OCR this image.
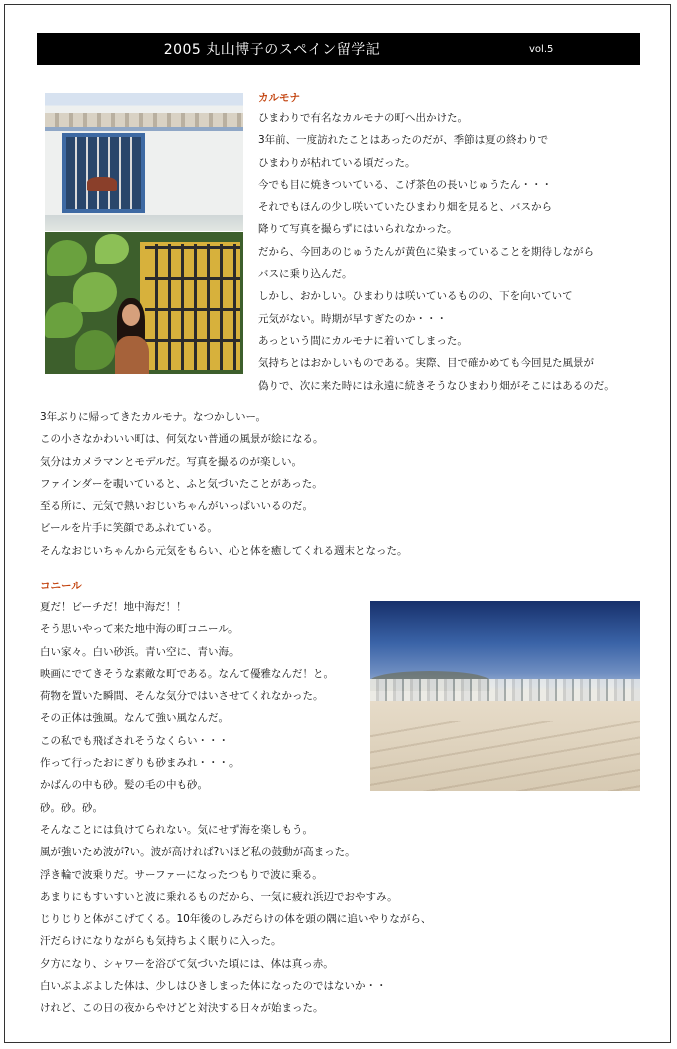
2005 丸山博子のスペイン留学記	vol.5
カルモナ
ひまわりで有名なカルモナの町へ出かけた。
3年前、一度訪れたことはあったのだが、季節は夏の終わりで
ひまわりが枯れている頃だった。
今でも目に焼きついている、こげ茶色の長いじゅうたん・・・
それでもほんの少し咲いていたひまわり畑を見ると、バスから
降りて写真を撮らずにはいられなかった。
だから、今回あのじゅうたんが黄色に染まっていることを期待しながら
バスに乗り込んだ。
しかし、おかしい。ひまわりは咲いているものの、下を向いていて
元気がない。時期が早すぎたのか・・・
あっという間にカルモナに着いてしまった。
気持ちとはおかしいものである。実際、目で確かめても今回見た風景が
偽りで、次に来た時には永遠に続きそうなひまわり畑がそこにはあるのだ。
3年ぶりに帰ってきたカルモナ。なつかしいー。
この小さなかわいい町は、何気ない普通の風景が絵になる。
気分はカメラマンとモデルだ。写真を撮るのが楽しい。
ファインダーを覗いていると、ふと気づいたことがあった。
至る所に、元気で熱いおじいちゃんがいっぱいいるのだ。
ビールを片手に笑顔であふれている。
そんなおじいちゃんから元気をもらい、心と体を癒してくれる週末となった。
コニール
夏だ！ビーチだ！地中海だ！！
そう思いやって来た地中海の町コニール。
白い家々。白い砂浜。青い空に、青い海。
映画にでてきそうな素敵な町である。なんて優雅なんだ！と。
荷物を置いた瞬間、そんな気分ではいさせてくれなかった。
その正体は強風。なんて強い風なんだ。
この私でも飛ばされそうなくらい・・・
作って行ったおにぎりも砂まみれ・・・。
かばんの中も砂。髪の毛の中も砂。
砂。砂。砂。
そんなことには負けてられない。気にせず海を楽しもう。
風が強いため波が?い。波が高ければ?いほど私の鼓動が高まった。
浮き輪で波乗りだ。サーファーになったつもりで波に乗る。
あまりにもすいすいと波に乗れるものだから、一気に疲れ浜辺でおやすみ。
じりじりと体がこげてくる。10年後のしみだらけの体を頭の隅に追いやりながら、
汗だらけになりながらも気持ちよく眠りに入った。
夕方になり、シャワーを浴びて気づいた頃には、体は真っ赤。
白いぶよぶよした体は、少しはひきしまった体になったのではないか・・
けれど、この日の夜からやけどと対決する日々が始まった。
